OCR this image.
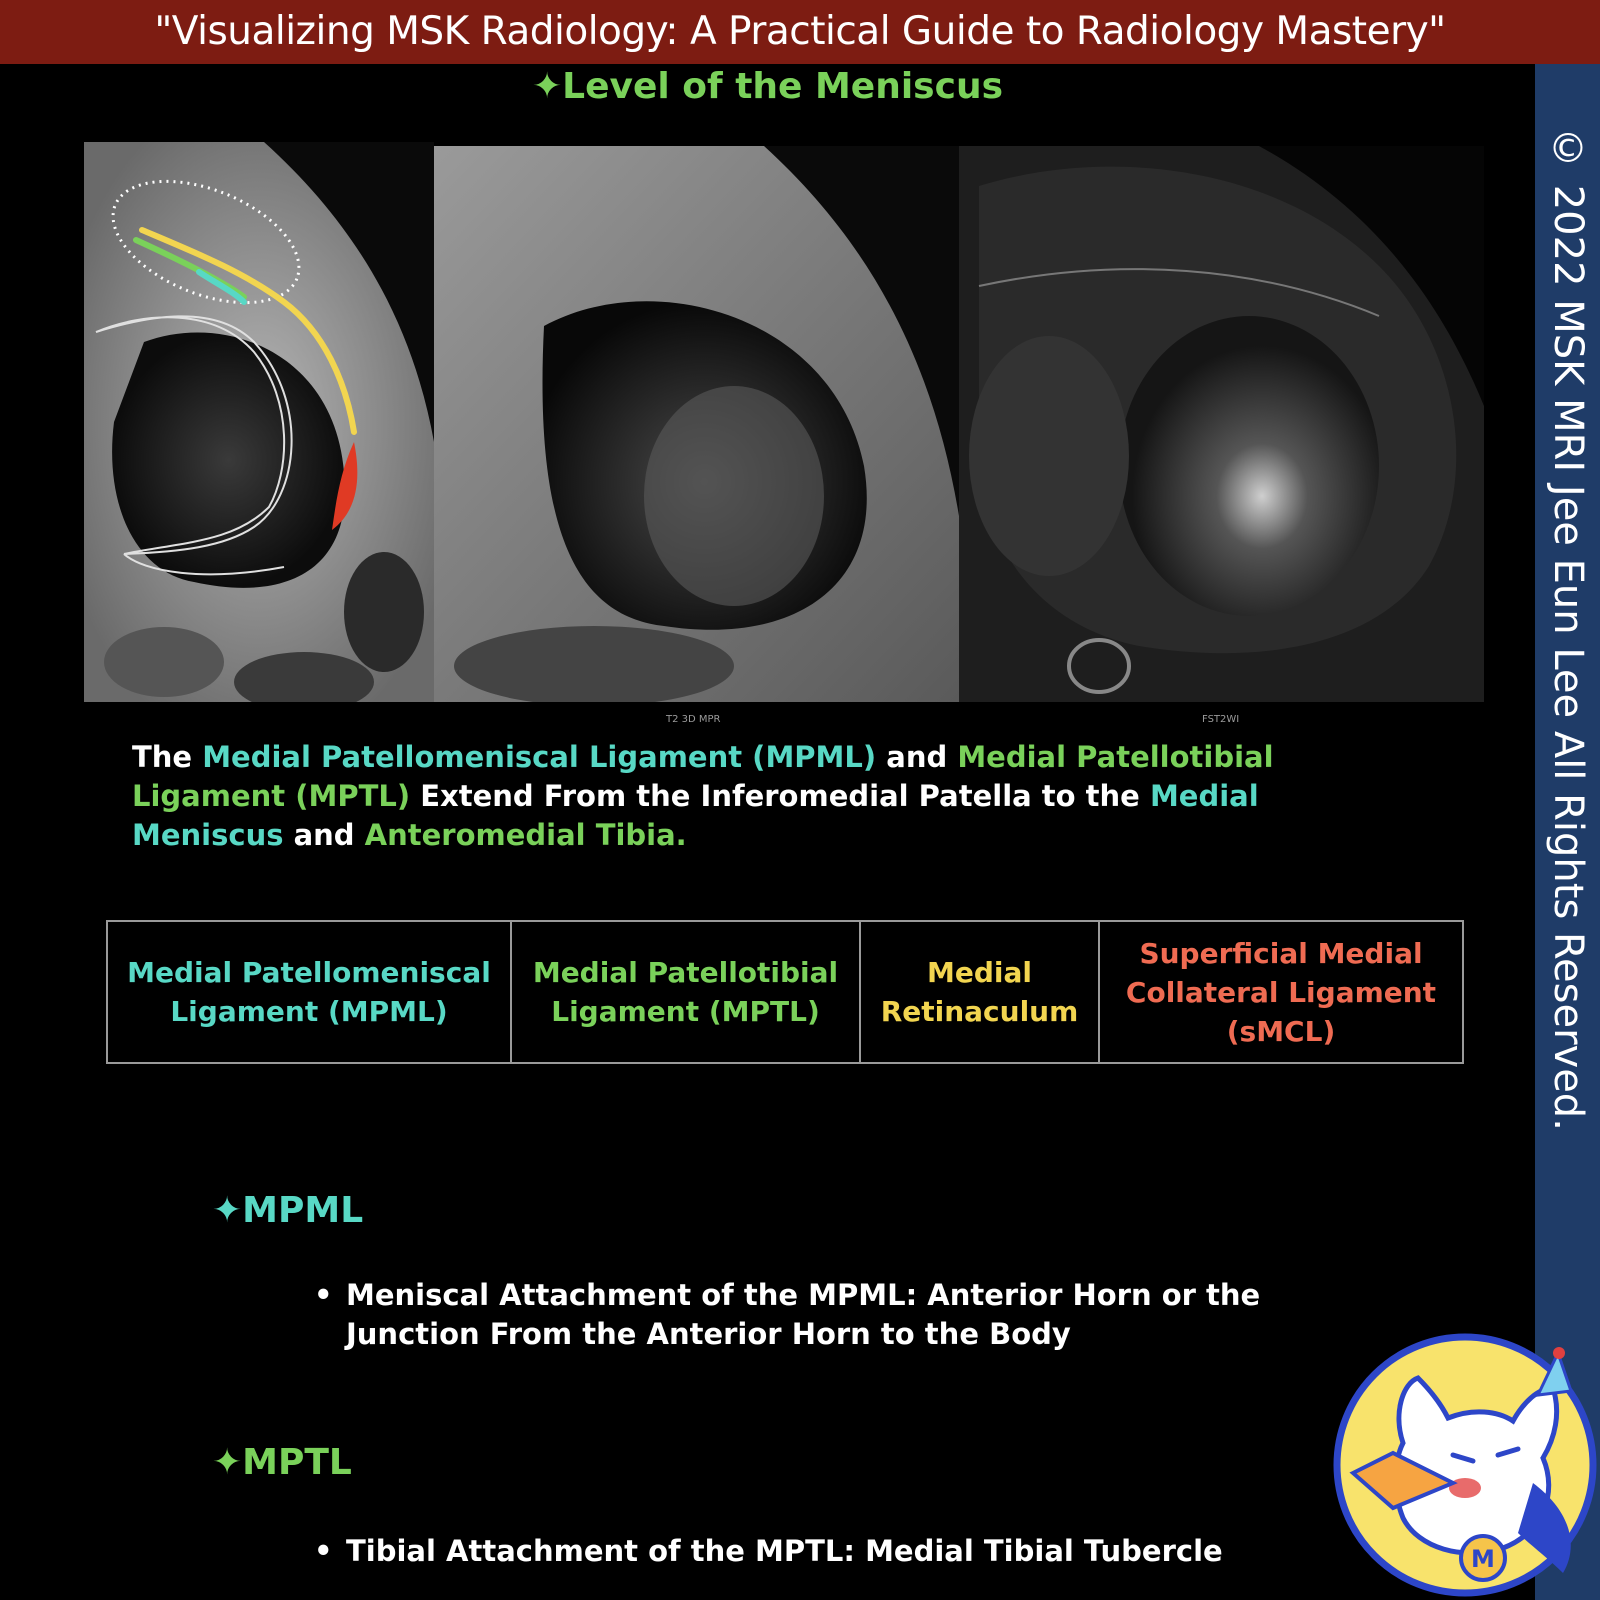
"Visualizing MSK Radiology: A Practical Guide to Radiology Mastery"
© 2022 MSK MRI Jee Eun Lee All Rights Reserved.
✦Level of the Meniscus
T2 3D MPR	FST2WI

The Medial Patellomeniscal Ligament (MPML) and Medial Patellotibial Ligament (MPTL) Extend From the Inferomedial Patella to the Medial Meniscus and Anteromedial Tibia.

Medial Patellomeniscal Ligament (MPML)	Medial Patellotibial Ligament (MPTL)	Medial Retinaculum	Superficial Medial Collateral Ligament (sMCL)
✦MPML
• Meniscal Attachment of the MPML: Anterior Horn or the Junction From the Anterior Horn to the Body
✦MPTL
• Tibial Attachment of the MPTL: Medial Tibial Tubercle	M
